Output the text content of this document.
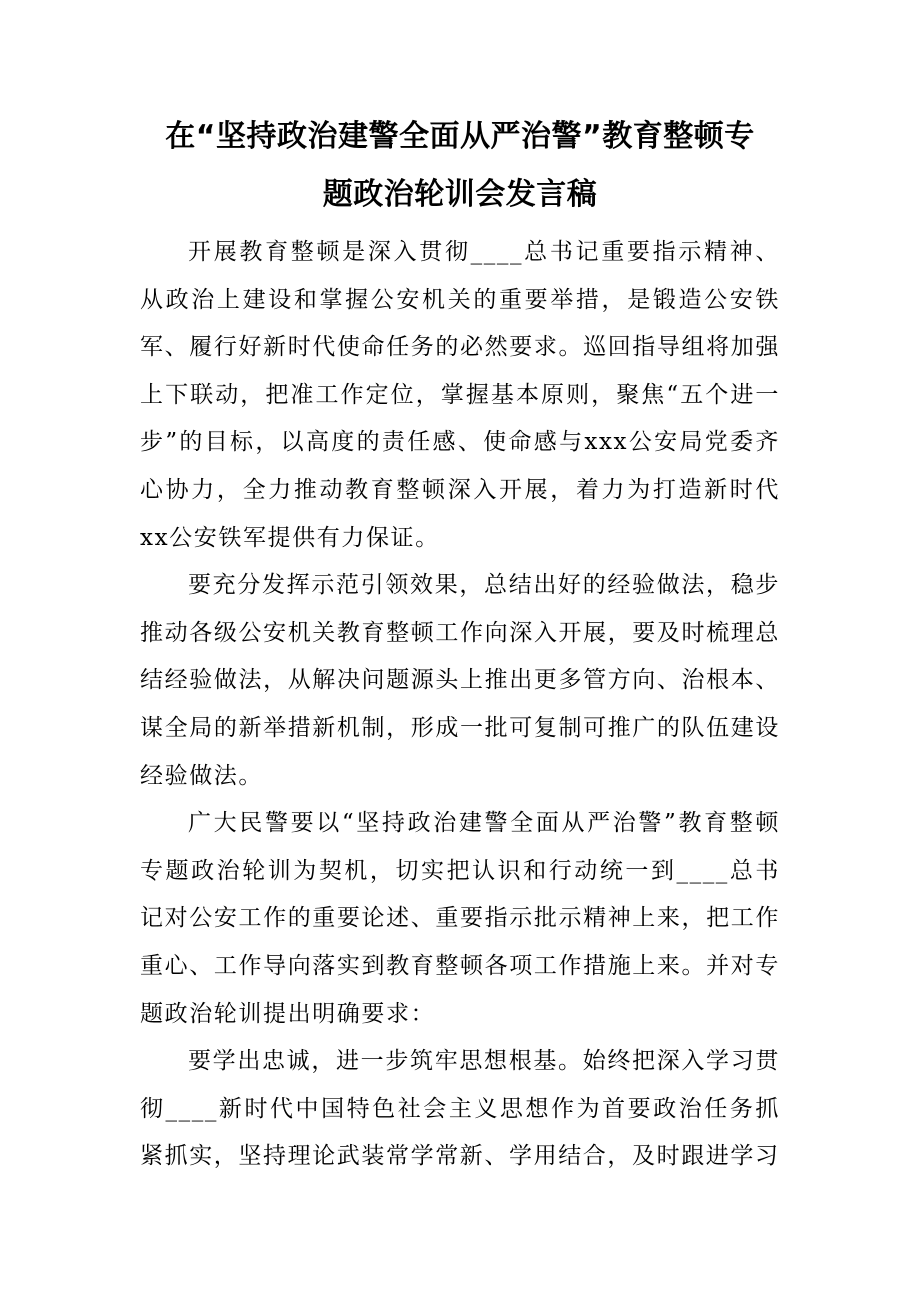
在“坚持政治建警全面从严治警”教育整顿专
题政治轮训会发言稿

开展教育整顿是深入贯彻____总书记重要指示精神、从政治上建设和掌握公安机关的重要举措，是锻造公安铁军、履行好新时代使命任务的必然要求。巡回指导组将加强上下联动，把准工作定位，掌握基本原则，聚焦“五个进一步”的目标，以高度的责任感、使命感与xxx公安局党委齐心协力，全力推动教育整顿深入开展，着力为打造新时代xx公安铁军提供有力保证。

要充分发挥示范引领效果，总结出好的经验做法，稳步推动各级公安机关教育整顿工作向深入开展，要及时梳理总结经验做法，从解决问题源头上推出更多管方向、治根本、谋全局的新举措新机制，形成一批可复制可推广的队伍建设经验做法。

广大民警要以“坚持政治建警全面从严治警”教育整顿专题政治轮训为契机，切实把认识和行动统一到____总书记对公安工作的重要论述、重要指示批示精神上来，把工作重心、工作导向落实到教育整顿各项工作措施上来。并对专题政治轮训提出明确要求：

要学出忠诚，进一步筑牢思想根基。始终把深入学习贯彻____新时代中国特色社会主义思想作为首要政治任务抓紧抓实，坚持理论武装常学常新、学用结合，及时跟进学习
